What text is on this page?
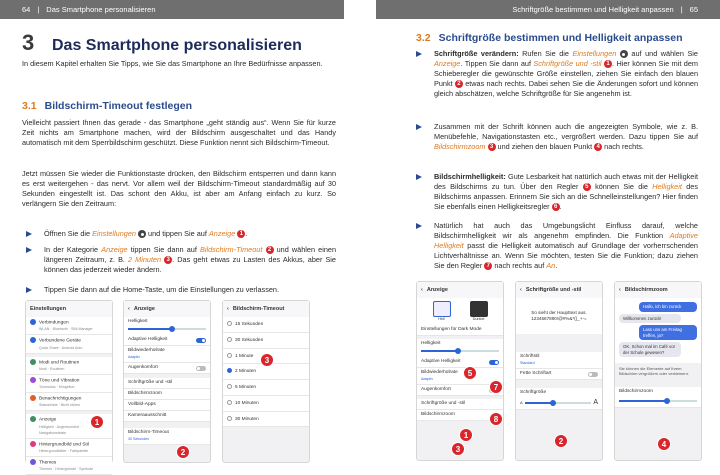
64 | Das Smartphone personalisieren
3	Das Smartphone personalisieren

In diesem Kapitel erhalten Sie Tipps, wie Sie das Smartphone an Ihre Bedürfnisse anpassen.

3.1 Bildschirm-Timeout festlegen

Vielleicht passiert Ihnen das gerade - das Smartphone „geht ständig aus“. Wenn Sie für kurze Zeit nichts am Smartphone machen, wird der Bildschirm ausgeschaltet und das Handy automatisch mit dem Sperrbildschirm geschützt. Diese Funktion nennt sich Bildschirm-Timeout.

Jetzt müssen Sie wieder die Funktionstaste drücken, den Bildschirm entsperren und dann kann es erst weitergehen - das nervt. Vor allem weil der Bildschirm-Timeout standardmäßig auf 30 Sekunden eingestellt ist. Das schont den Akku, ist aber am Anfang einfach zu kurz. So verlängern Sie den Zeitraum:

Öffnen Sie die Einstellungen  und tippen Sie auf Anzeige 1 .
In der Kategorie Anzeige tippen Sie dann auf Bildschirm-Timeout 2 und wählen einen längeren Zeitraum, z. B. 2 Minuten 3 . Das geht etwas zu Lasten des Akkus, aber Sie können das jederzeit wieder ändern.
Tippen Sie dann auf die Home-Taste, um die Einstellungen zu verlassen.
Einstellungen
Verbindungen
WLAN · Bluetooth · SIM-Manager
Verbundene Geräte
Quick Share · Android Auto
Modi und Routinen
Modi · Routinen
Töne und Vibration
Tonmodus · Klingelton
Benachrichtigungen
Statusleiste · Nicht stören
Anzeige
Helligkeit · Augenkomfort · Navigationsleiste
Hintergrundbild und Stil
Hintergrundbilder · Farbpalette
Themes
Themes · Hintergründe · Symbole
1
‹ Anzeige
Helligkeit
Adaptive Helligkeit
Bildwiederholrate
Adaptiv
Augenkomfort
Schriftgröße und -stil
Bildschirmzoom
Vollbild-Apps
Kameraausschnitt
Bildschirm-Timeout
30 Sekunden
2
‹ Bildschirm-Timeout
15 Sekunden
30 Sekunden
1 Minute
2 Minuten
5 Minuten
10 Minuten
30 Minuten
3
Schriftgröße bestimmen und Helligkeit anpassen | 65
3.2 Schriftgröße bestimmen und Helligkeit anpassen
Schriftgröße verändern: Rufen Sie die Einstellungen  auf und wählen Sie Anzeige. Tippen Sie dann auf Schriftgröße und -stil 1 . Hier können Sie mit dem Schieberegler die gewünschte Größe einstellen, ziehen Sie einfach den blauen Punkt 2 etwas nach rechts. Dabei sehen Sie die Änderungen sofort und können gleich abschätzen, welche Schriftgröße für Sie angenehm ist.
Zusammen mit der Schrift können auch die angezeigten Symbole, wie z. B. Menübefehle, Navigationstasten etc., vergrößert werden. Dazu tippen Sie auf Bildschirmzoom 3 und ziehen den blauen Punkt 4 nach rechts.
Bildschirmhelligkeit: Gute Lesbarkeit hat natürlich auch etwas mit der Helligkeit des Bildschirms zu tun. Über den Regler 5 können Sie die Helligkeit des Bildschirms anpassen. Erinnern Sie sich an die Schnelleinstellungen? Hier finden Sie ebenfalls einen Helligkeitsregler 6 .
Natürlich hat auch das Umgebungslicht Einfluss darauf, welche Bildschirmhelligkeit wir als angenehm empfinden. Die Funktion Adaptive Helligkeit passt die Helligkeit automatisch auf Grundlage der vorherrschenden Lichtverhältnisse an. Wenn Sie möchten, testen Sie die Funktion; dazu ziehen Sie den Regler 7 nach rechts auf An.
‹ Anzeige
Hell	Dunkel
Einstellungen für Dark Mode
Helligkeit
Adaptive Helligkeit
Bildwiederholrate
Adaptiv
Augenkomfort
Schriftgröße und -stil
Bildschirmzoom
5
7
8
1
3
‹ Schriftgröße und -stil
So sieht der Haupttext aus.
1234567890!@#%&*()_+-=
Schriftstil
Standard
Fette Schriftart
Schriftgröße
A	A
2
‹ Bildschirmzoom
Hallo, ich bin zurück
Willkommen zurück!
Lass uns am Freitag treffen, ja?
OK. Schon mal im Café vor der Schule gewesen?
Sie können die Elemente auf Ihrem Bildschirm vergrößern oder verkleinern.
Bildschirmzoom
4
